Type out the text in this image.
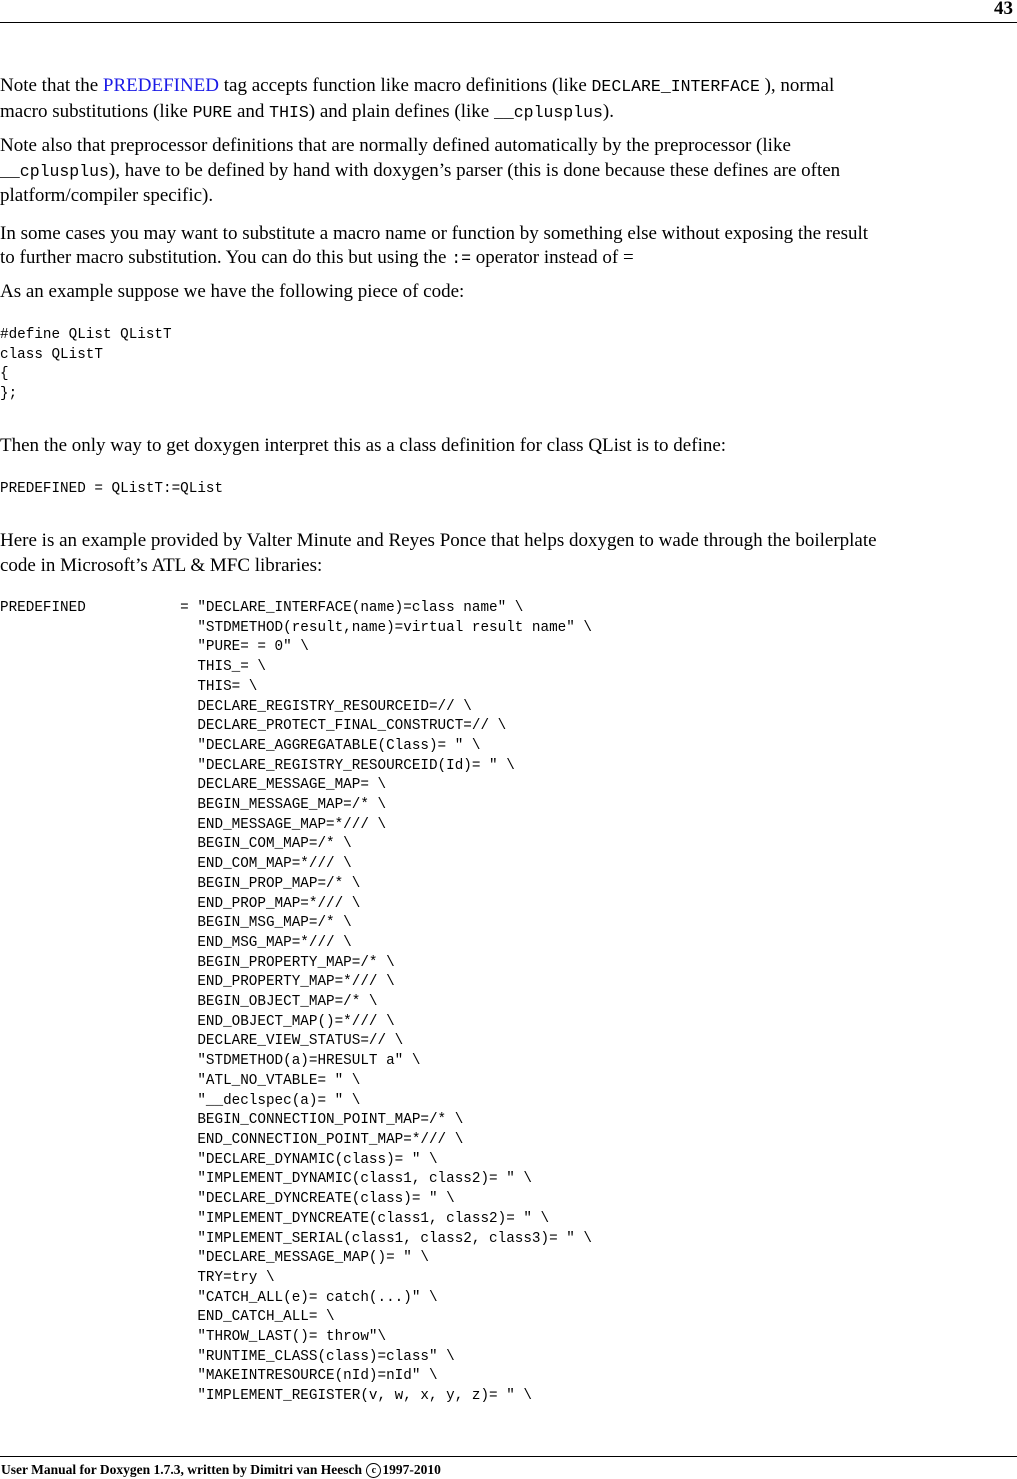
43

Note that the PREDEFINED tag accepts function like macro definitions (like DECLARE_INTERFACE ), normal macro substitutions (like PURE and THIS) and plain defines (like __cplusplus).

Note also that preprocessor definitions that are normally defined automatically by the preprocessor (like __cplusplus), have to be defined by hand with doxygen’s parser (this is done because these defines are often platform/compiler specific).

In some cases you may want to substitute a macro name or function by something else without exposing the result to further macro substitution. You can do this but using the := operator instead of =

As an example suppose we have the following piece of code:

#define QList QListT
class QListT
{
};

Then the only way to get doxygen interpret this as a class definition for class QList is to define:

PREDEFINED = QListT:=QList

Here is an example provided by Valter Minute and Reyes Ponce that helps doxygen to wade through the boilerplate code in Microsoft’s ATL & MFC libraries:

PREDEFINED           = "DECLARE_INTERFACE(name)=class name" \
"STDMETHOD(result,name)=virtual result name" \
"PURE= = 0" \
THIS_= \
THIS= \
DECLARE_REGISTRY_RESOURCEID=// \
DECLARE_PROTECT_FINAL_CONSTRUCT=// \
"DECLARE_AGGREGATABLE(Class)= " \
"DECLARE_REGISTRY_RESOURCEID(Id)= " \
DECLARE_MESSAGE_MAP= \
BEGIN_MESSAGE_MAP=/* \
END_MESSAGE_MAP=*/// \
BEGIN_COM_MAP=/* \
END_COM_MAP=*/// \
BEGIN_PROP_MAP=/* \
END_PROP_MAP=*/// \
BEGIN_MSG_MAP=/* \
END_MSG_MAP=*/// \
BEGIN_PROPERTY_MAP=/* \
END_PROPERTY_MAP=*/// \
BEGIN_OBJECT_MAP=/* \
END_OBJECT_MAP()=*/// \
DECLARE_VIEW_STATUS=// \
"STDMETHOD(a)=HRESULT a" \
"ATL_NO_VTABLE= " \
"__declspec(a)= " \
BEGIN_CONNECTION_POINT_MAP=/* \
END_CONNECTION_POINT_MAP=*/// \
"DECLARE_DYNAMIC(class)= " \
"IMPLEMENT_DYNAMIC(class1, class2)= " \
"DECLARE_DYNCREATE(class)= " \
"IMPLEMENT_DYNCREATE(class1, class2)= " \
"IMPLEMENT_SERIAL(class1, class2, class3)= " \
"DECLARE_MESSAGE_MAP()= " \
TRY=try \
"CATCH_ALL(e)= catch(...)" \
END_CATCH_ALL= \
"THROW_LAST()= throw"\
"RUNTIME_CLASS(class)=class" \
"MAKEINTRESOURCE(nId)=nId" \
"IMPLEMENT_REGISTER(v, w, x, y, z)= " \
User Manual for Doxygen 1.7.3, written by Dimitri van Heesch c 1997-2010
